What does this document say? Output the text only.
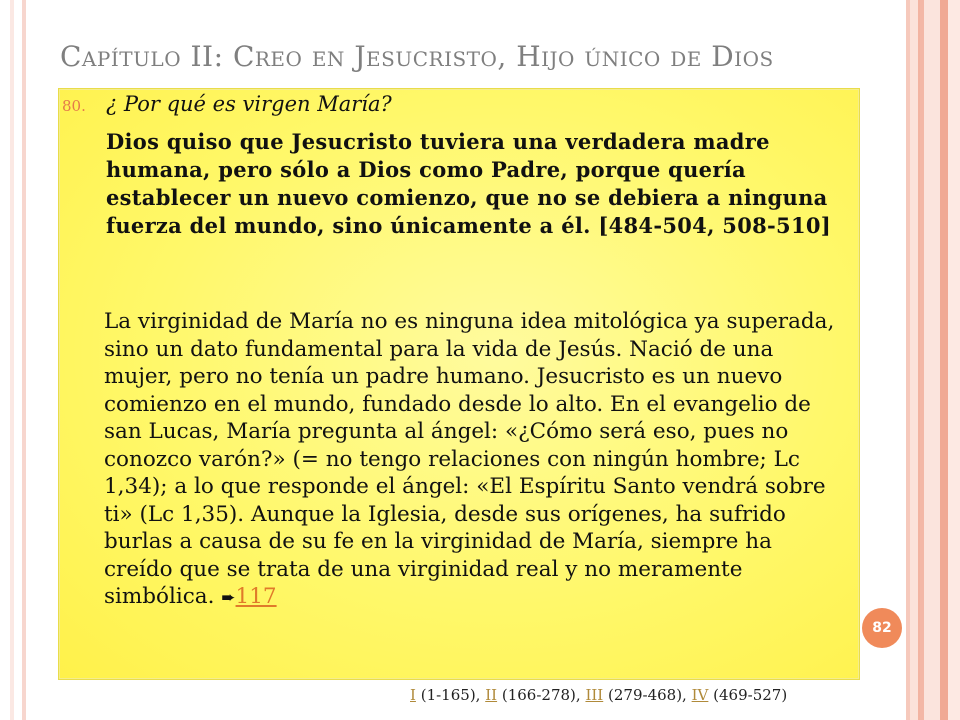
Capítulo II: Creo en Jesucristo, Hijo único de Dios
80. ¿ Por qué es virgen María?
Dios quiso que Jesucristo tuviera una verdadera madre humana, pero sólo a Dios como Padre, porque quería establecer un nuevo comienzo, que no se debiera a ninguna fuerza del mundo, sino únicamente a él. [484-504, 508-510]
La virginidad de María no es ninguna idea mitológica ya superada, sino un dato fundamental para la vida de Jesús. Nació de una mujer, pero no tenía un padre humano. Jesucristo es un nuevo comienzo en el mundo, fundado desde lo alto. En el evangelio de san Lucas, María pregunta al ángel: «¿Cómo será eso, pues no conozco varón?» (= no tengo relaciones con ningún hombre; Lc 1,34); a lo que responde el ángel: «El Espíritu Santo vendrá sobre ti» (Lc 1,35). Aunque la Iglesia, desde sus orígenes, ha sufrido burlas a causa de su fe en la virginidad de María, siempre ha creído que se trata de una virginidad real y no meramente simbólica. ➨117
82
I (1-165), II (166-278), III (279-468), IV (469-527)
